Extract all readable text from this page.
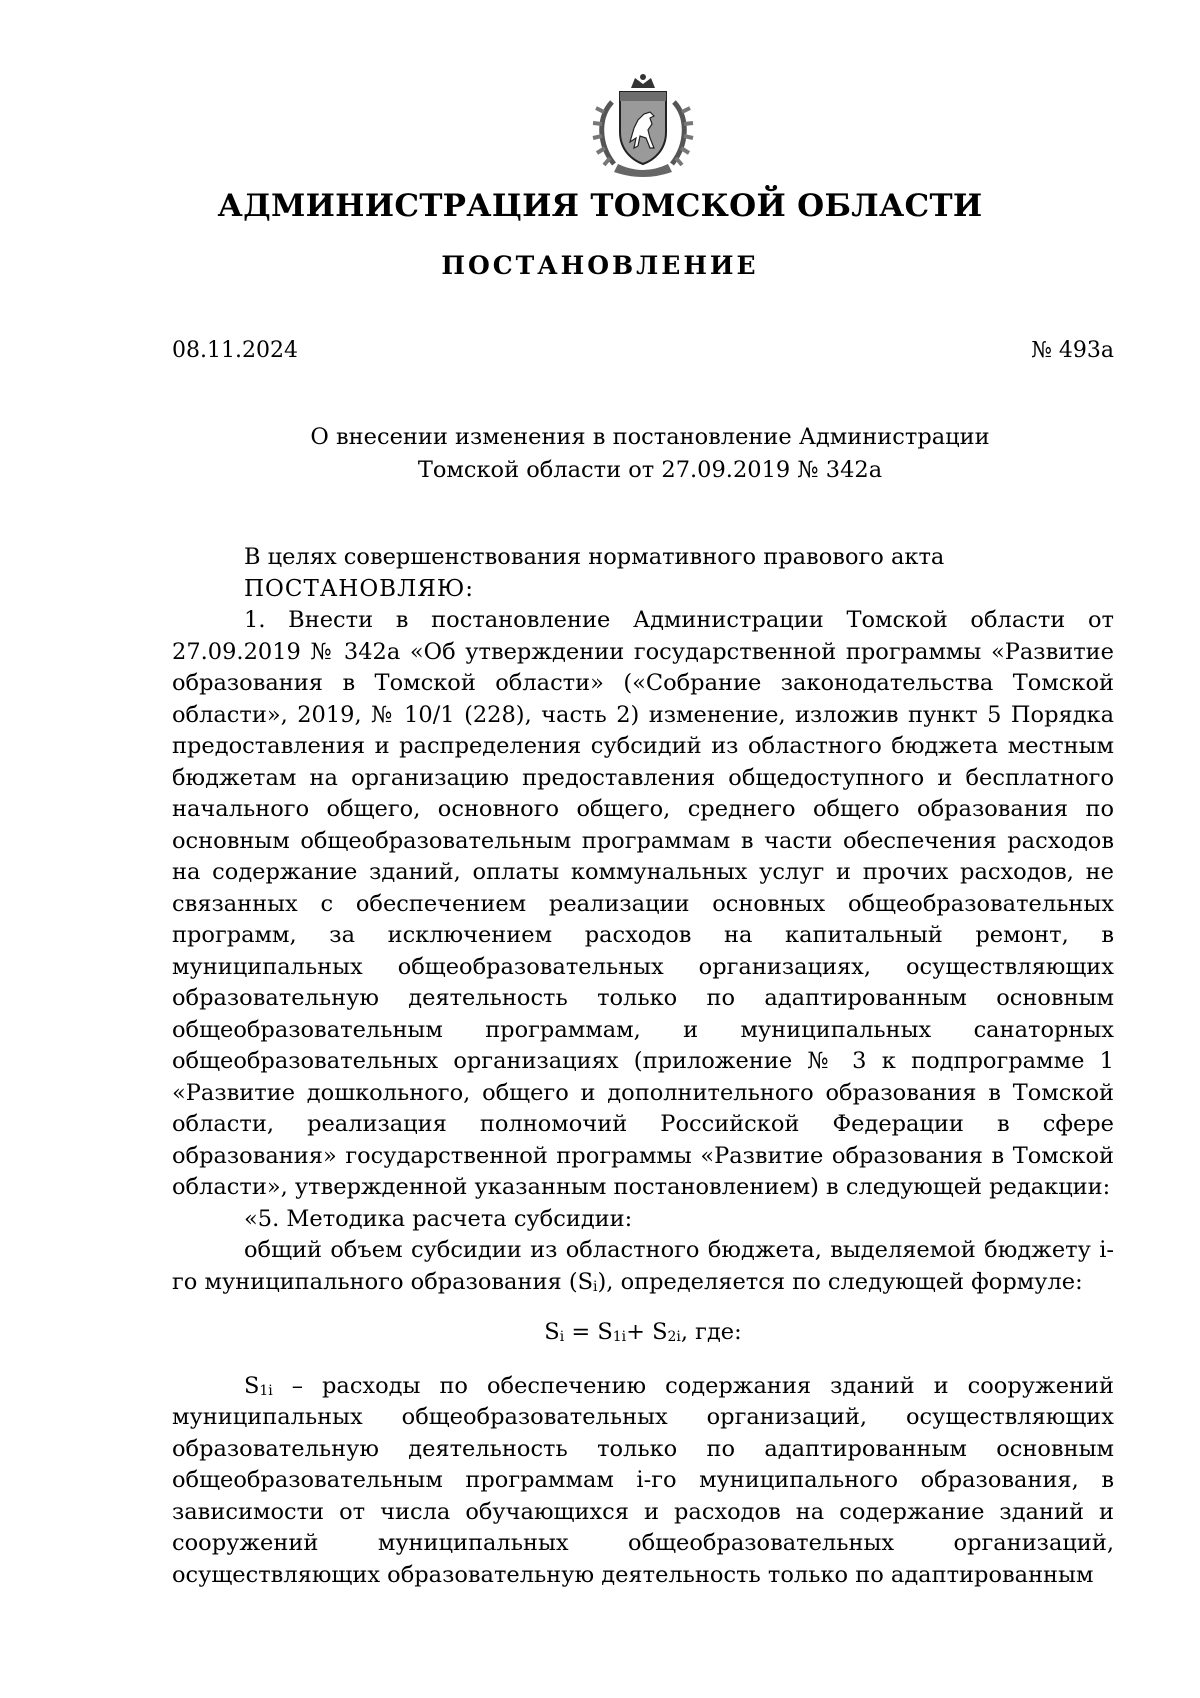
АДМИНИСТРАЦИЯ ТОМСКОЙ ОБЛАСТИ
ПОСТАНОВЛЕНИЕ
08.11.2024	№ 493а
О внесении изменения в постановление Администрации
Томской области от 27.09.2019 № 342а

В целях совершенствования нормативного правового акта

ПОСТАНОВЛЯЮ:

1. Внести в постановление Администрации Томской области от 27.09.2019 № 342а «Об утверждении государственной программы «Развитие образования в Томской области» («Собрание законодательства Томской области», 2019, № 10/1 (228), часть 2) изменение, изложив пункт 5 Порядка предоставления и распределения субсидий из областного бюджета местным бюджетам на организацию предоставления общедоступного и бесплатного начального общего, основного общего, среднего общего образования по основным общеобразовательным программам в части обеспечения расходов на содержание зданий, оплаты коммунальных услуг и прочих расходов, не связанных с обеспечением реализации основных общеобразовательных программ, за исключением расходов на капитальный ремонт, в муниципальных общеобразовательных организациях, осуществляющих образовательную деятельность только по адаптированным основным общеобразовательным программам, и муниципальных санаторных общеобразовательных организациях (приложение № 3 к подпрограмме 1 «Развитие дошкольного, общего и дополнительного образования в Томской области, реализация полномочий Российской Федерации в сфере образования» государственной программы «Развитие образования в Томской области», утвержденной указанным постановлением) в следующей редакции:

«5. Методика расчета субсидии:

общий объем субсидии из областного бюджета, выделяемой бюджету i-го муниципального образования $(S_i)$, определяется по следующей формуле:

$S_i = S_{1i}+ S_{2i}$, где:

$S_{1i}$ – расходы по обеспечению содержания зданий и сооружений муниципальных общеобразовательных организаций, осуществляющих образовательную деятельность только по адаптированным основным общеобразовательным программам i-го муниципального образования, в зависимости от числа обучающихся и расходов на содержание зданий и сооружений муниципальных общеобразовательных организаций, осуществляющих образовательную деятельность только по адаптированным
